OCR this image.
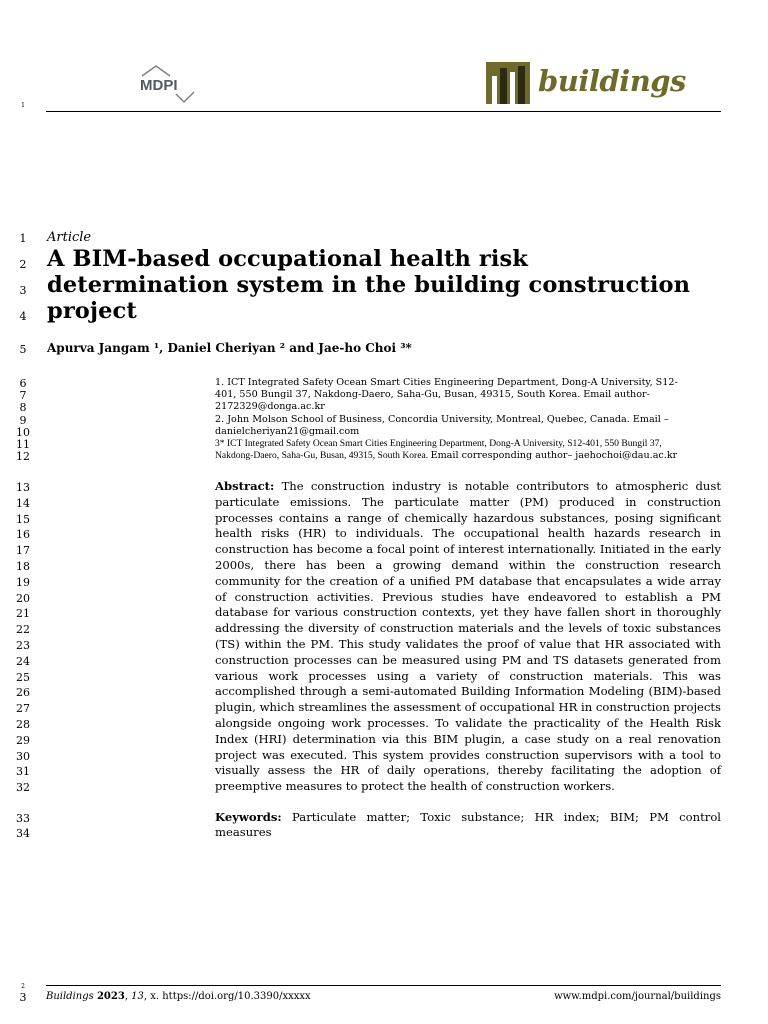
MDPI	buildings
1
1
2
3
4
5
6
7
8
9
10
11
12
13
14
15
16
17
18
19
20
21
22
23
24
25
26
27
28
29
30
31
32
33
34
Article
A BIM-based occupational health risk
determination system in the building construction
project
Apurva Jangam ¹, Daniel Cheriyan ² and Jae-ho Choi ³*
1. ICT Integrated Safety Ocean Smart Cities Engineering Department, Dong-A University, S12-
401, 550 Bungil 37, Nakdong-Daero, Saha-Gu, Busan, 49315, South Korea. Email author-
2172329@donga.ac.kr
2. John Molson School of Business, Concordia University, Montreal, Quebec, Canada. Email –
danielcheriyan21@gmail.com
3* ICT Integrated Safety Ocean Smart Cities Engineering Department, Dong-A University, S12-401, 550 Bungil 37,
Nakdong-Daero, Saha-Gu, Busan, 49315, South Korea. Email corresponding author– jaehochoi@dau.ac.kr
Abstract: The construction industry is notable contributors to atmospheric dust
particulate emissions. The particulate matter (PM) produced in construction
processes contains a range of chemically hazardous substances, posing significant
health risks (HR) to individuals. The occupational health hazards research in
construction has become a focal point of interest internationally. Initiated in the early
2000s, there has been a growing demand within the construction research
community for the creation of a unified PM database that encapsulates a wide array
of construction activities. Previous studies have endeavored to establish a PM
database for various construction contexts, yet they have fallen short in thoroughly
addressing the diversity of construction materials and the levels of toxic substances
(TS) within the PM. This study validates the proof of value that HR associated with
construction processes can be measured using PM and TS datasets generated from
various work processes using a variety of construction materials. This was
accomplished through a semi-automated Building Information Modeling (BIM)-based
plugin, which streamlines the assessment of occupational HR in construction projects
alongside ongoing work processes. To validate the practicality of the Health Risk
Index (HRI) determination via this BIM plugin, a case study on a real renovation
project was executed. This system provides construction supervisors with a tool to
visually assess the HR of daily operations, thereby facilitating the adoption of
preemptive measures to protect the health of construction workers.
Keywords: Particulate matter; Toxic substance; HR index; BIM; PM control
measures
2
3	Buildings 2023, 13, x. https://doi.org/10.3390/xxxxx	www.mdpi.com/journal/buildings
